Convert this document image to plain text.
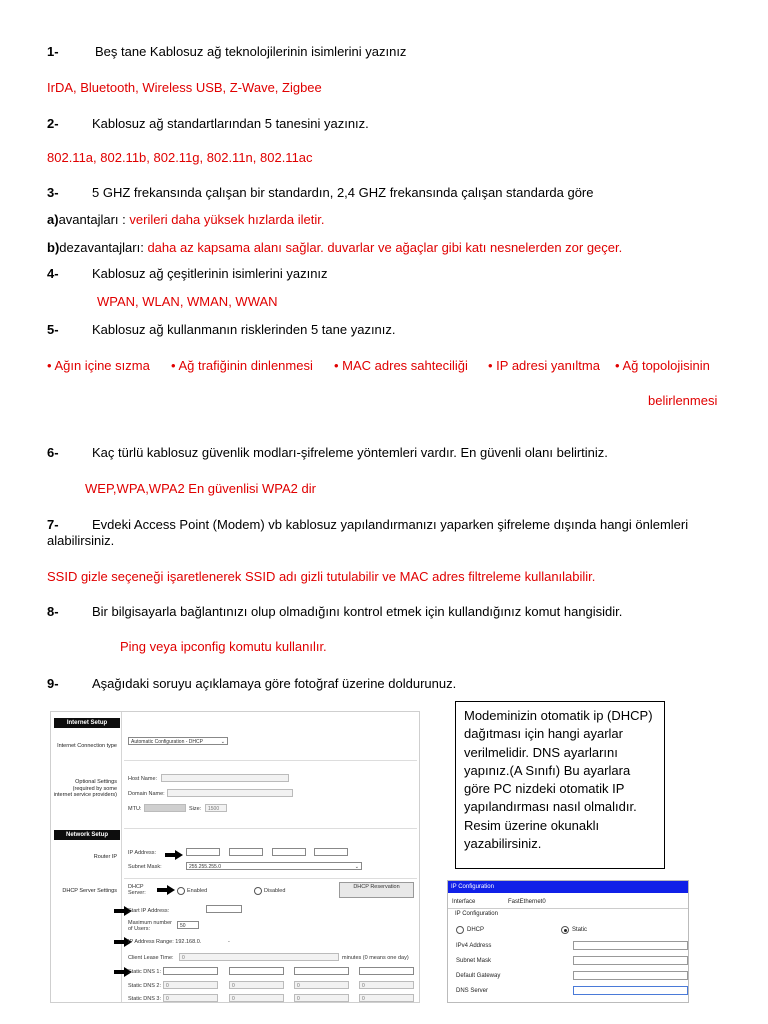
1-	Beş tane Kablosuz ağ teknolojilerinin isimlerini yazınız
IrDA, Bluetooth, Wireless USB, Z-Wave, Zigbee
2-	Kablosuz ağ standartlarından 5 tanesini yazınız.
802.11a, 802.11b, 802.11g, 802.11n, 802.11ac
3-	5 GHZ frekansında çalışan bir standardın, 2,4 GHZ frekansında çalışan standarda göre
a)avantajları : verileri daha yüksek hızlarda iletir.
b)dezavantajları: daha az kapsama alanı sağlar. duvarlar ve ağaçlar gibi katı nesnelerden zor geçer.
4-	Kablosuz ağ çeşitlerinin isimlerini yazınız
WPAN, WLAN, WMAN, WWAN
5-	Kablosuz ağ kullanmanın risklerinden 5 tane yazınız.
• Ağın içine sızma • Ağ trafiğinin dinlenmesi • MAC adres sahteciliği • IP adresi yanıltma • Ağ topolojisinin
belirlenmesi
6-	Kaç türlü kablosuz güvenlik modları-şifreleme yöntemleri vardır. En güvenli olanı belirtiniz.
WEP,WPA,WPA2 En güvenlisi WPA2 dir
7-	Evdeki Access Point (Modem) vb kablosuz yapılandırmanızı yaparken şifreleme dışında hangi önlemleri alabilirsiniz.
SSID gizle seçeneği işaretlenerek SSID adı gizli tutulabilir ve MAC adres filtreleme kullanılabilir.
8-	Bir bilgisayarla bağlantınızı olup olmadığını kontrol etmek için kullandığınız komut hangisidir.
Ping veya ipconfig komutu kullanılır.
9-	Aşağıdaki soruyu açıklamaya göre fotoğraf üzerine doldurunuz.
Internet Setup
Internet Connection type
Automatic Configuration - DHCP	⌄
Optional Settings (required by some internet service providers)
Host Name:
Domain Name:
MTU:	Size:	1500
Network Setup
Router IP
IP Address:
Subnet Mask:	255.255.255.0	⌄
DHCP Server Settings
DHCP Server:	Enabled	Disabled
DHCP Reservation
Start IP Address:
Maximum number of Users:	50
IP Address Range: 192.168.0.	-
Client Lease Time:	0	minutes (0 means one day)
Static DNS 1:
Static DNS 2: 0	0	0	0
Static DNS 3: 0	0	0	0
Modeminizin otomatik ip (DHCP) dağıtması için hangi ayarlar verilmelidir. DNS ayarlarını yapınız.(A Sınıfı) Bu ayarlara göre PC nizdeki otomatik IP yapılandırması nasıl olmalıdır. Resim üzerine okunaklı yazabilirsiniz.
IP Configuration
Interface	FastEthernet0
IP Configuration
DHCP	Static
IPv4 Address
Subnet Mask
Default Gateway
DNS Server
